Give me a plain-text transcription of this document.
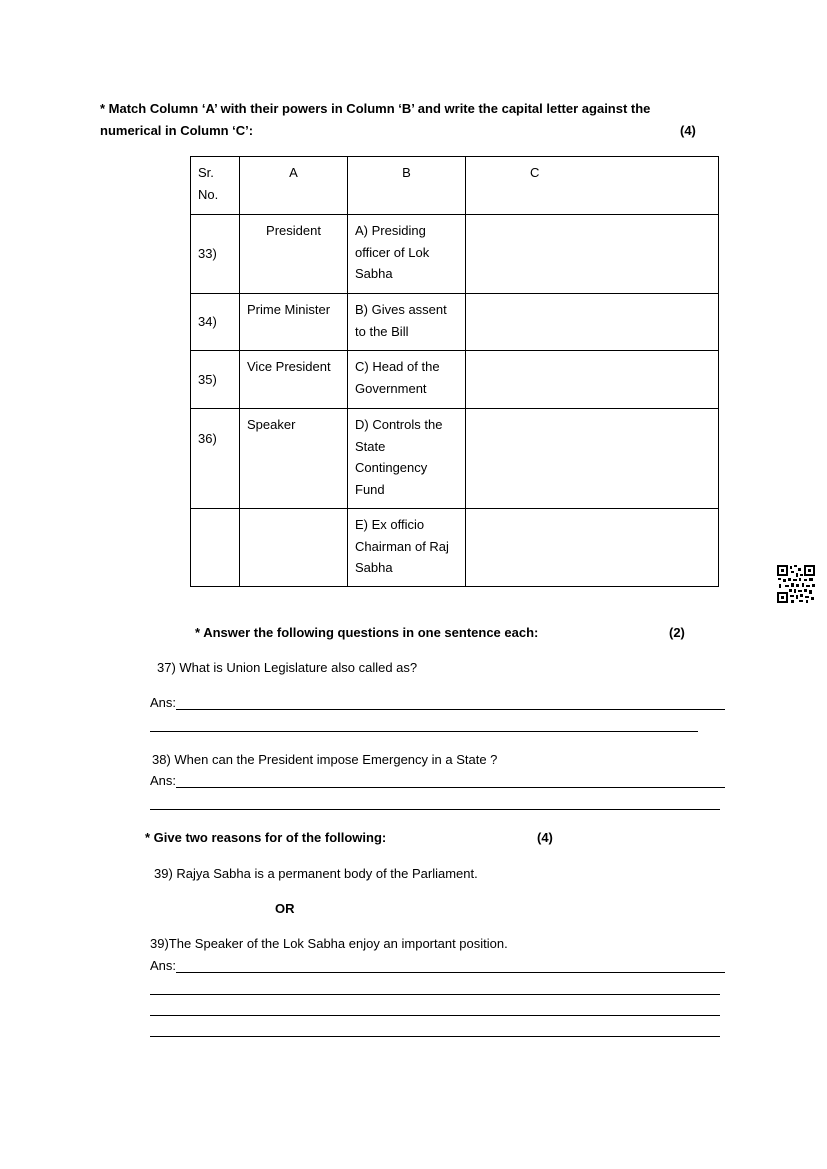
* Match Column ‘A’ with their powers in Column ‘B’ and write the capital letter against the
numerical in Column ‘C’:	(4)
Sr. No.	A	B	C
33)	President	A) Presiding officer of Lok Sabha	
34)	Prime Minister	B) Gives assent to the Bill	
35)	Vice President	C) Head of the Government	

36)	Speaker	D) Controls the State Contingency Fund	
		E) Ex officio Chairman of Raj Sabha	
* Answer the following questions in one sentence each:	(2)
37) What is Union Legislature also called as?
Ans:
38) When can the President impose Emergency in a State ?
Ans:
* Give two reasons for of the following:	(4)
39) Rajya Sabha is a permanent body of the Parliament.
OR
39)The Speaker of the Lok Sabha enjoy an important position.
Ans:
